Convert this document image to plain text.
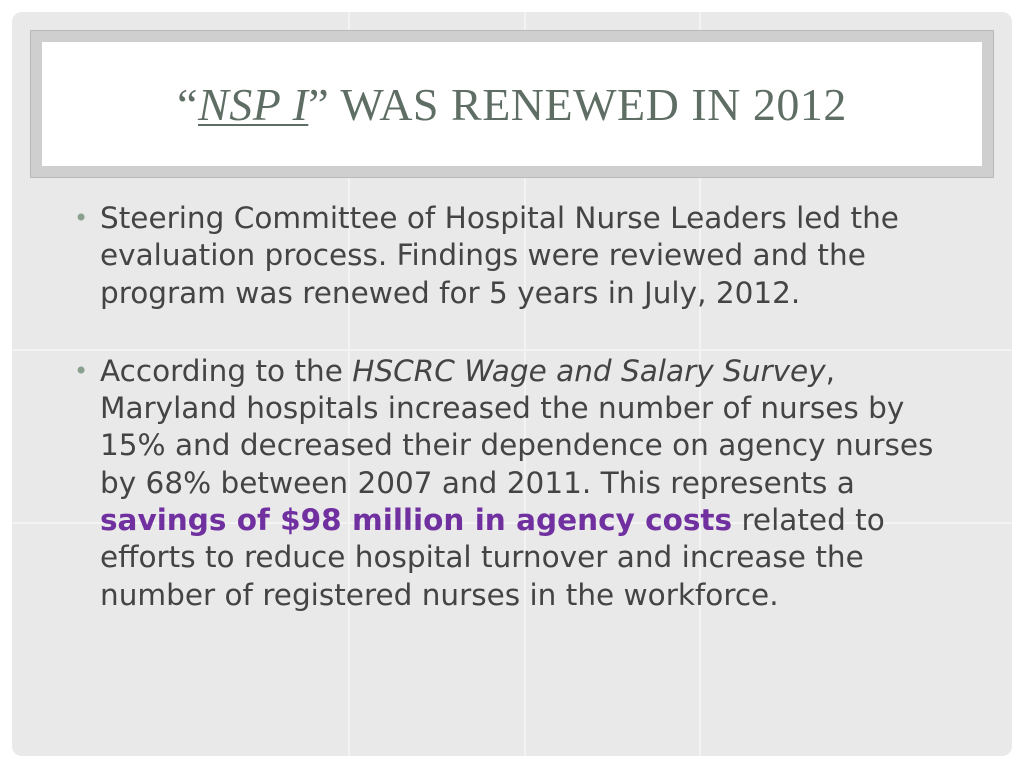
“NSP I” WAS RENEWED IN 2012
• Steering Committee of Hospital Nurse Leaders led the evaluation process. Findings were reviewed and the program was renewed for 5 years in July, 2012.
• According to the HSCRC Wage and Salary Survey, Maryland hospitals increased the number of nurses by 15% and decreased their dependence on agency nurses by 68% between 2007 and 2011. This represents a savings of $98 million in agency costs related to efforts to reduce hospital turnover and increase the number of registered nurses in the workforce.
